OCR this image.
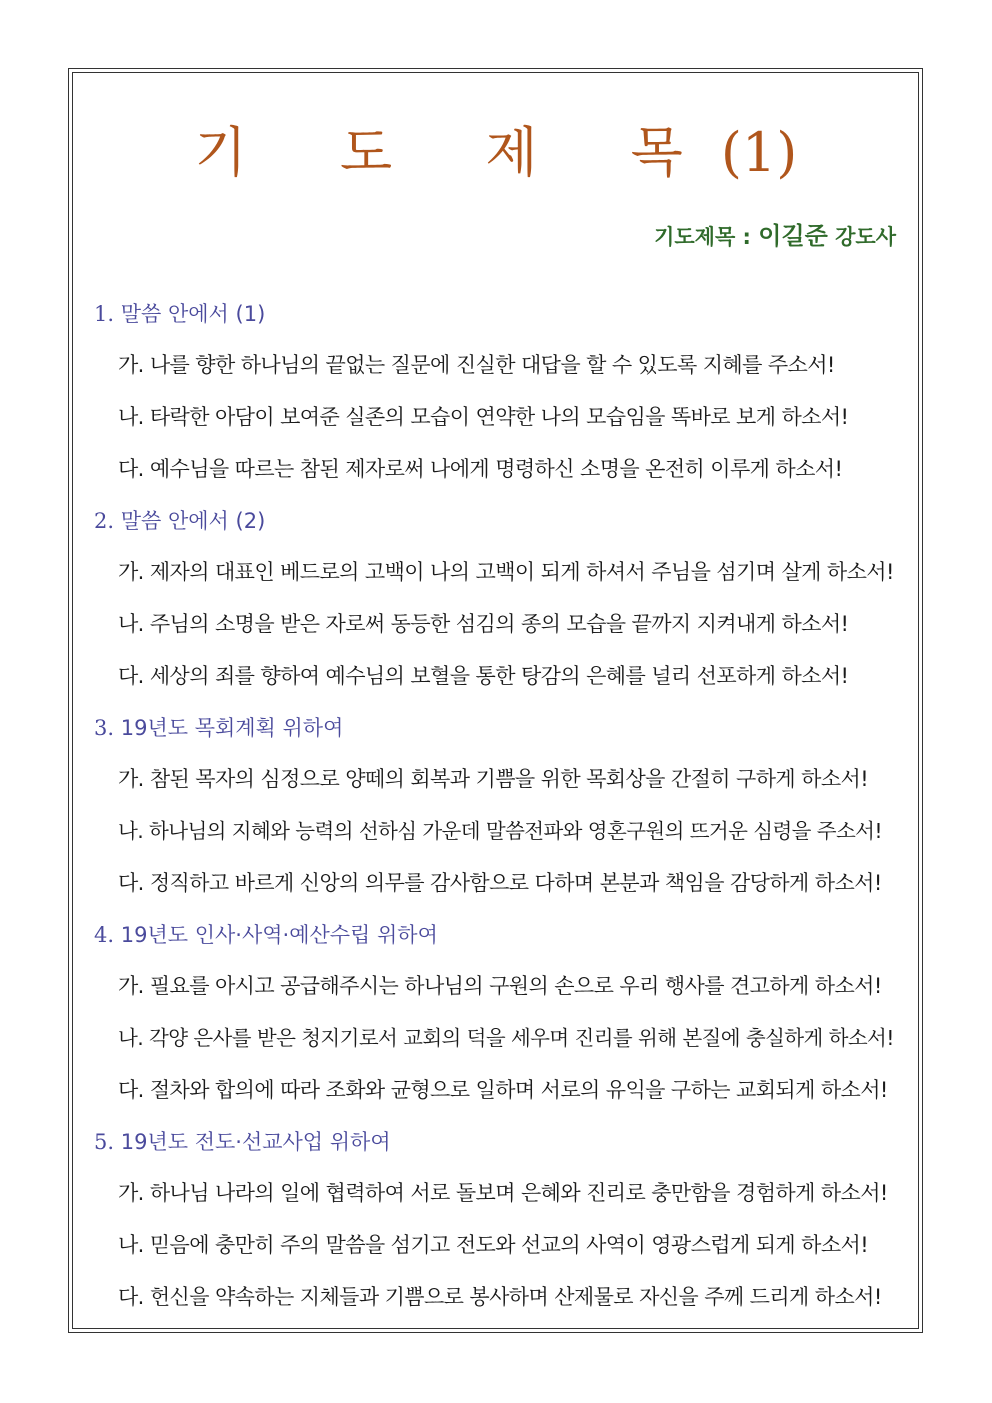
기 도 제 목(1)
기도제목 : 이길준 강도사
1. 말씀 안에서 (1)
가. 나를 향한 하나님의 끝없는 질문에 진실한 대답을 할 수 있도록 지혜를 주소서!
나. 타락한 아담이 보여준 실존의 모습이 연약한 나의 모습임을 똑바로 보게 하소서!
다. 예수님을 따르는 참된 제자로써 나에게 명령하신 소명을 온전히 이루게 하소서!
2. 말씀 안에서 (2)
가. 제자의 대표인 베드로의 고백이 나의 고백이 되게 하셔서 주님을 섬기며 살게 하소서!
나. 주님의 소명을 받은 자로써 동등한 섬김의 종의 모습을 끝까지 지켜내게 하소서!
다. 세상의 죄를 향하여 예수님의 보혈을 통한 탕감의 은혜를 널리 선포하게 하소서!
3. 19년도 목회계획 위하여
가. 참된 목자의 심정으로 양떼의 회복과 기쁨을 위한 목회상을 간절히 구하게 하소서!
나. 하나님의 지혜와 능력의 선하심 가운데 말씀전파와 영혼구원의 뜨거운 심령을 주소서!
다. 정직하고 바르게 신앙의 의무를 감사함으로 다하며 본분과 책임을 감당하게 하소서!
4. 19년도 인사·사역·예산수립 위하여
가. 필요를 아시고 공급해주시는 하나님의 구원의 손으로 우리 행사를 견고하게 하소서!
나. 각양 은사를 받은 청지기로서 교회의 덕을 세우며 진리를 위해 본질에 충실하게 하소서!
다. 절차와 합의에 따라 조화와 균형으로 일하며 서로의 유익을 구하는 교회되게 하소서!
5. 19년도 전도·선교사업 위하여
가. 하나님 나라의 일에 협력하여 서로 돌보며 은혜와 진리로 충만함을 경험하게 하소서!
나. 믿음에 충만히 주의 말씀을 섬기고 전도와 선교의 사역이 영광스럽게 되게 하소서!
다. 헌신을 약속하는 지체들과 기쁨으로 봉사하며 산제물로 자신을 주께 드리게 하소서!
